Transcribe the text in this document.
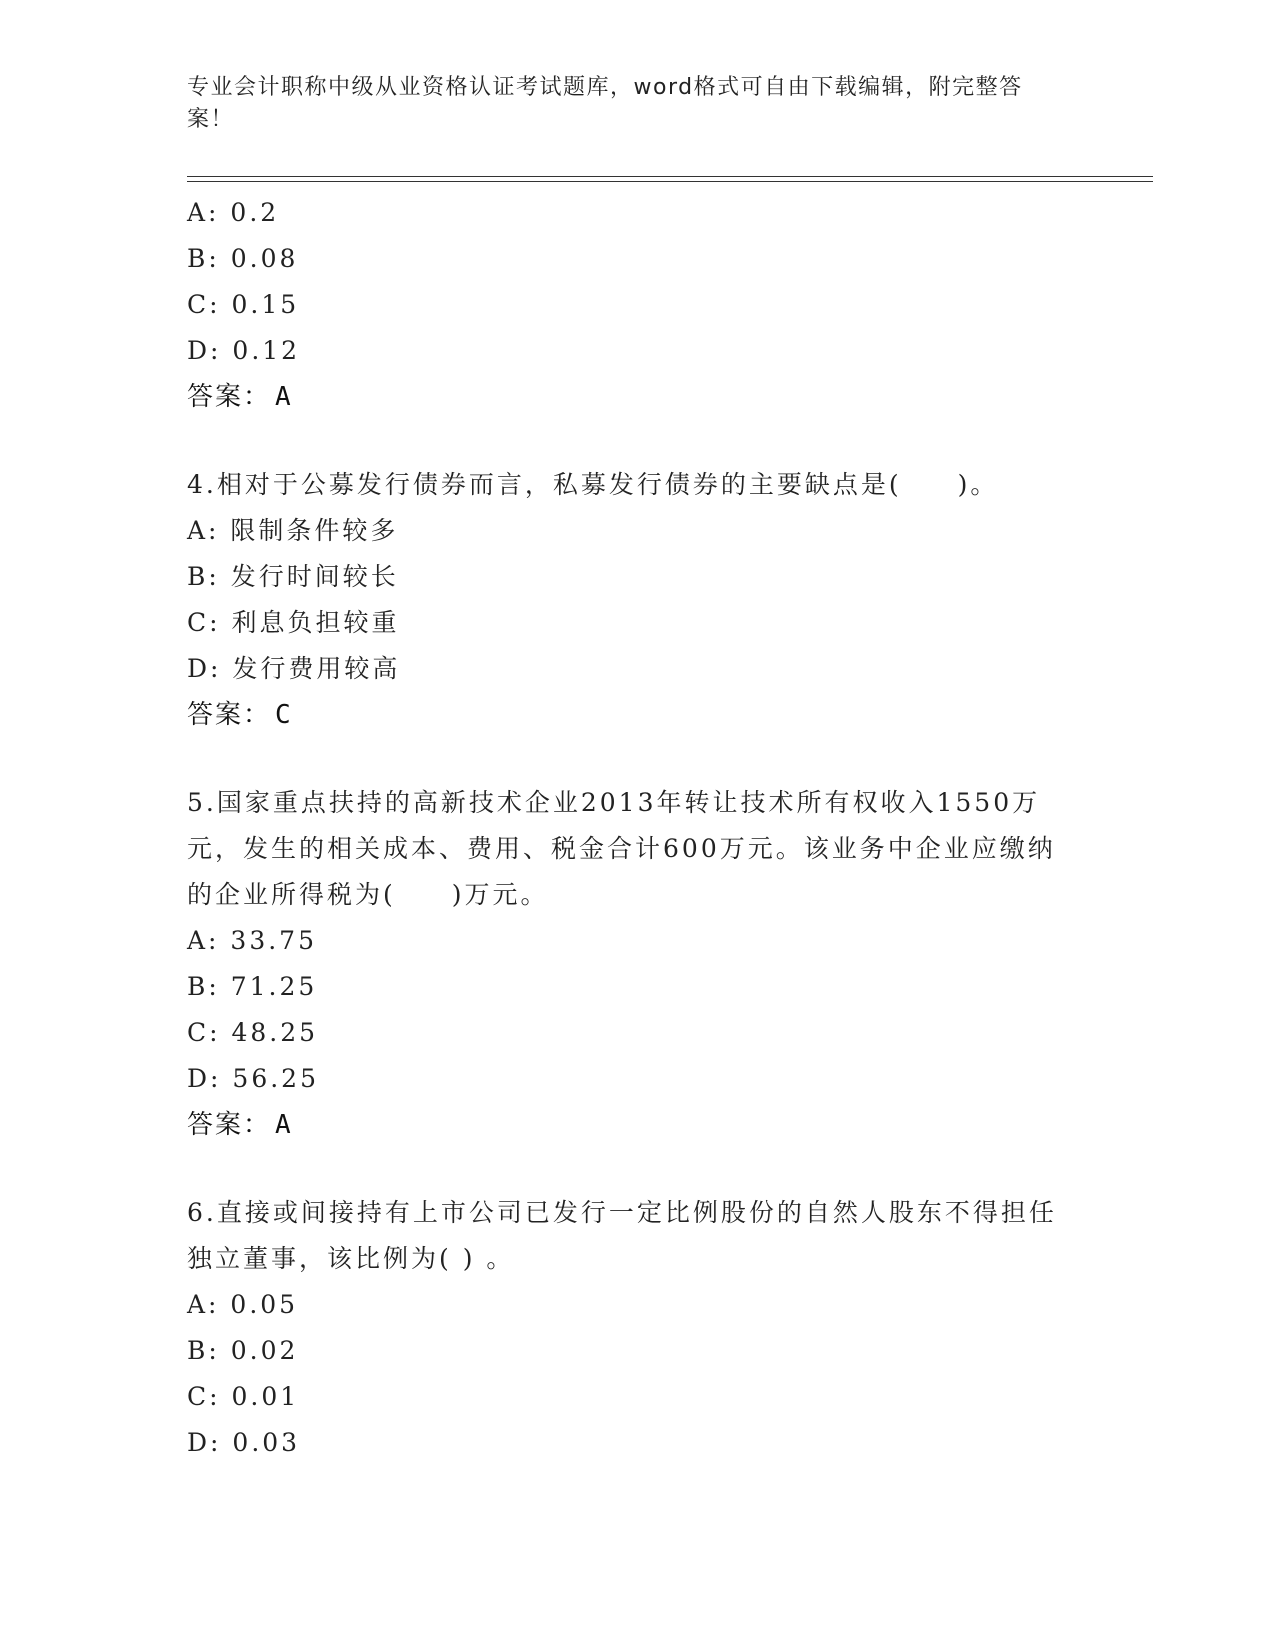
专业会计职称中级从业资格认证考试题库，word格式可自由下载编辑，附完整答案！
A: 0.2
B: 0.08
C: 0.15
D: 0.12
答案： A
4.相对于公募发行债券而言，私募发行债券的主要缺点是(　　)。
A: 限制条件较多
B: 发行时间较长
C: 利息负担较重
D: 发行费用较高
答案： C
5.国家重点扶持的高新技术企业2013年转让技术所有权收入1550万元，发生的相关成本、费用、税金合计600万元。该业务中企业应缴纳的企业所得税为(　　)万元。
A: 33.75
B: 71.25
C: 48.25
D: 56.25
答案： A
6.直接或间接持有上市公司已发行一定比例股份的自然人股东不得担任独立董事，该比例为( ) 。
A: 0.05
B: 0.02
C: 0.01
D: 0.03
